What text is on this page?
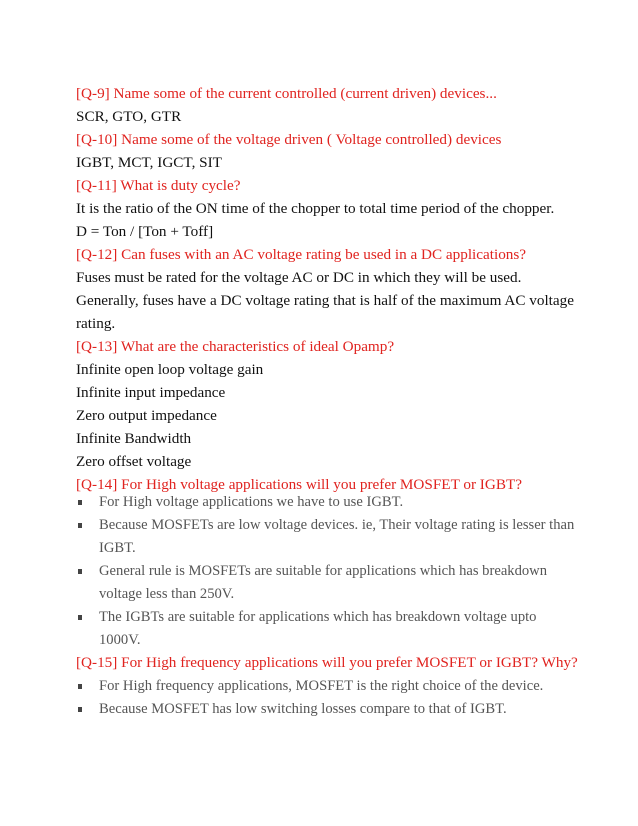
[Q-9] Name some of the current controlled (current driven) devices...
SCR, GTO, GTR
[Q-10] Name some of the voltage driven ( Voltage controlled) devices
IGBT, MCT, IGCT, SIT
[Q-11] What is duty cycle?
It is the ratio of the ON time of the chopper to total time period of the chopper.
D = Ton / [Ton + Toff]
[Q-12] Can fuses with an AC voltage rating be used in a DC applications?
Fuses must be rated for the voltage AC or DC in which they will be used.
Generally, fuses have a DC voltage rating that is half of the maximum AC voltage
rating.
[Q-13] What are the characteristics of ideal Opamp?
Infinite open loop voltage gain
Infinite input impedance
Zero output impedance
Infinite Bandwidth
Zero offset voltage
[Q-14] For High voltage applications will you prefer MOSFET or IGBT?
For High voltage applications we have to use IGBT.
Because MOSFETs are low voltage devices. ie, Their voltage rating is lesser than
IGBT.
General rule is MOSFETs are suitable for applications which has breakdown
voltage less than 250V.
The IGBTs are suitable for applications which has breakdown voltage upto
1000V.
[Q-15] For High frequency applications will you prefer MOSFET or IGBT? Why?
For High frequency applications, MOSFET is the right choice of the device.
Because MOSFET has low switching losses compare to that of IGBT.
